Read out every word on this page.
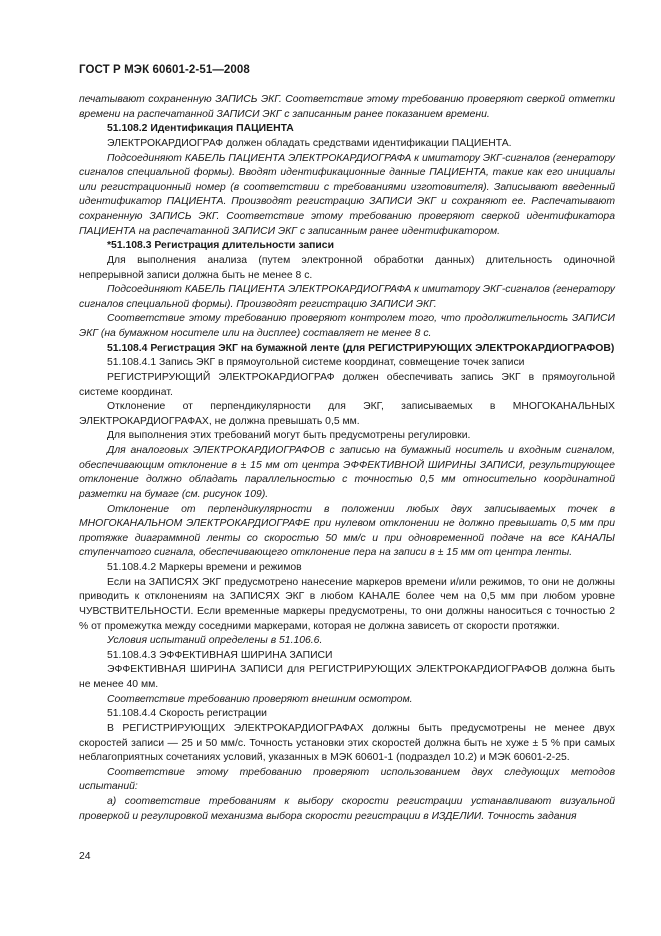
ГОСТ Р МЭК 60601-2-51—2008

печатывают сохраненную ЗАПИСЬ ЭКГ. Соответствие этому требованию проверяют сверкой отметки времени на распечатанной ЗАПИСИ ЭКГ с записанным ранее показанием времени.

51.108.2 Идентификация ПАЦИЕНТА

ЭЛЕКТРОКАРДИОГРАФ должен обладать средствами идентификации ПАЦИЕНТА.

Подсоединяют КАБЕЛЬ ПАЦИЕНТА ЭЛЕКТРОКАРДИОГРАФА к имитатору ЭКГ-сигналов (генератору сигналов специальной формы). Вводят идентификационные данные ПАЦИЕНТА, такие как его инициалы или регистрационный номер (в соответствии с требованиями изготовителя). Записывают введенный идентификатор ПАЦИЕНТА. Производят регистрацию ЗАПИСИ ЭКГ и сохраняют ее. Распечатывают сохраненную ЗАПИСЬ ЭКГ. Соответствие этому требованию проверяют сверкой идентификатора ПАЦИЕНТА на распечатанной ЗАПИСИ ЭКГ с записанным ранее идентификатором.

*51.108.3 Регистрация длительности записи

Для выполнения анализа (путем электронной обработки данных) длительность одиночной непрерывной записи должна быть не менее 8 с.

Подсоединяют КАБЕЛЬ ПАЦИЕНТА ЭЛЕКТРОКАРДИОГРАФА к имитатору ЭКГ-сигналов (генератору сигналов специальной формы). Производят регистрацию ЗАПИСИ ЭКГ.

Соответствие этому требованию проверяют контролем того, что продолжительность ЗАПИСИ ЭКГ (на бумажном носителе или на дисплее) составляет не менее 8 с.

51.108.4 Регистрация ЭКГ на бумажной ленте (для РЕГИСТРИРУЮЩИХ ЭЛЕКТРОКАРДИОГРАФОВ)

51.108.4.1 Запись ЭКГ в прямоугольной системе координат, совмещение точек записи

РЕГИСТРИРУЮЩИЙ ЭЛЕКТРОКАРДИОГРАФ должен обеспечивать запись ЭКГ в прямоугольной системе координат.

Отклонение от перпендикулярности для ЭКГ, записываемых в МНОГОКАНАЛЬНЫХ ЭЛЕКТРОКАРДИОГРАФАХ, не должна превышать 0,5 мм.

Для выполнения этих требований могут быть предусмотрены регулировки.

Для аналоговых ЭЛЕКТРОКАРДИОГРАФОВ с записью на бумажный носитель и входным сигналом, обеспечивающим отклонение в ± 15 мм от центра ЭФФЕКТИВНОЙ ШИРИНЫ ЗАПИСИ, результирующее отклонение должно обладать параллельностью с точностью 0,5 мм относительно координатной разметки на бумаге (см. рисунок 109).

Отклонение от перпендикулярности в положении любых двух записываемых точек в МНОГОКАНАЛЬНОМ ЭЛЕКТРОКАРДИОГРАФЕ при нулевом отклонении не должно превышать 0,5 мм при протяжке диаграммной ленты со скоростью 50 мм/с и при одновременной подаче на все КАНАЛЫ ступенчатого сигнала, обеспечивающего отклонение пера на записи в ± 15 мм от центра ленты.

51.108.4.2 Маркеры времени и режимов

Если на ЗАПИСЯХ ЭКГ предусмотрено нанесение маркеров времени и/или режимов, то они не должны приводить к отклонениям на ЗАПИСЯХ ЭКГ в любом КАНАЛЕ более чем на 0,5 мм при любом уровне ЧУВСТВИТЕЛЬНОСТИ. Если временные маркеры предусмотрены, то они должны наноситься с точностью 2 % от промежутка между соседними маркерами, которая не должна зависеть от скорости протяжки.

Условия испытаний определены в 51.106.6.

51.108.4.3 ЭФФЕКТИВНАЯ ШИРИНА ЗАПИСИ

ЭФФЕКТИВНАЯ ШИРИНА ЗАПИСИ для РЕГИСТРИРУЮЩИХ ЭЛЕКТРОКАРДИОГРАФОВ должна быть не менее 40 мм.

Соответствие требованию проверяют внешним осмотром.

51.108.4.4 Скорость регистрации

В РЕГИСТРИРУЮЩИХ ЭЛЕКТРОКАРДИОГРАФАХ должны быть предусмотрены не менее двух скоростей записи — 25 и 50 мм/с. Точность установки этих скоростей должна быть не хуже ± 5 % при самых неблагоприятных сочетаниях условий, указанных в МЭК 60601-1 (подраздел 10.2) и МЭК 60601-2-25.

Соответствие этому требованию проверяют использованием двух следующих методов испытаний:

а) соответствие требованиям к выбору скорости регистрации устанавливают визуальной проверкой и регулировкой механизма выбора скорости регистрации в ИЗДЕЛИИ. Точность задания

24
